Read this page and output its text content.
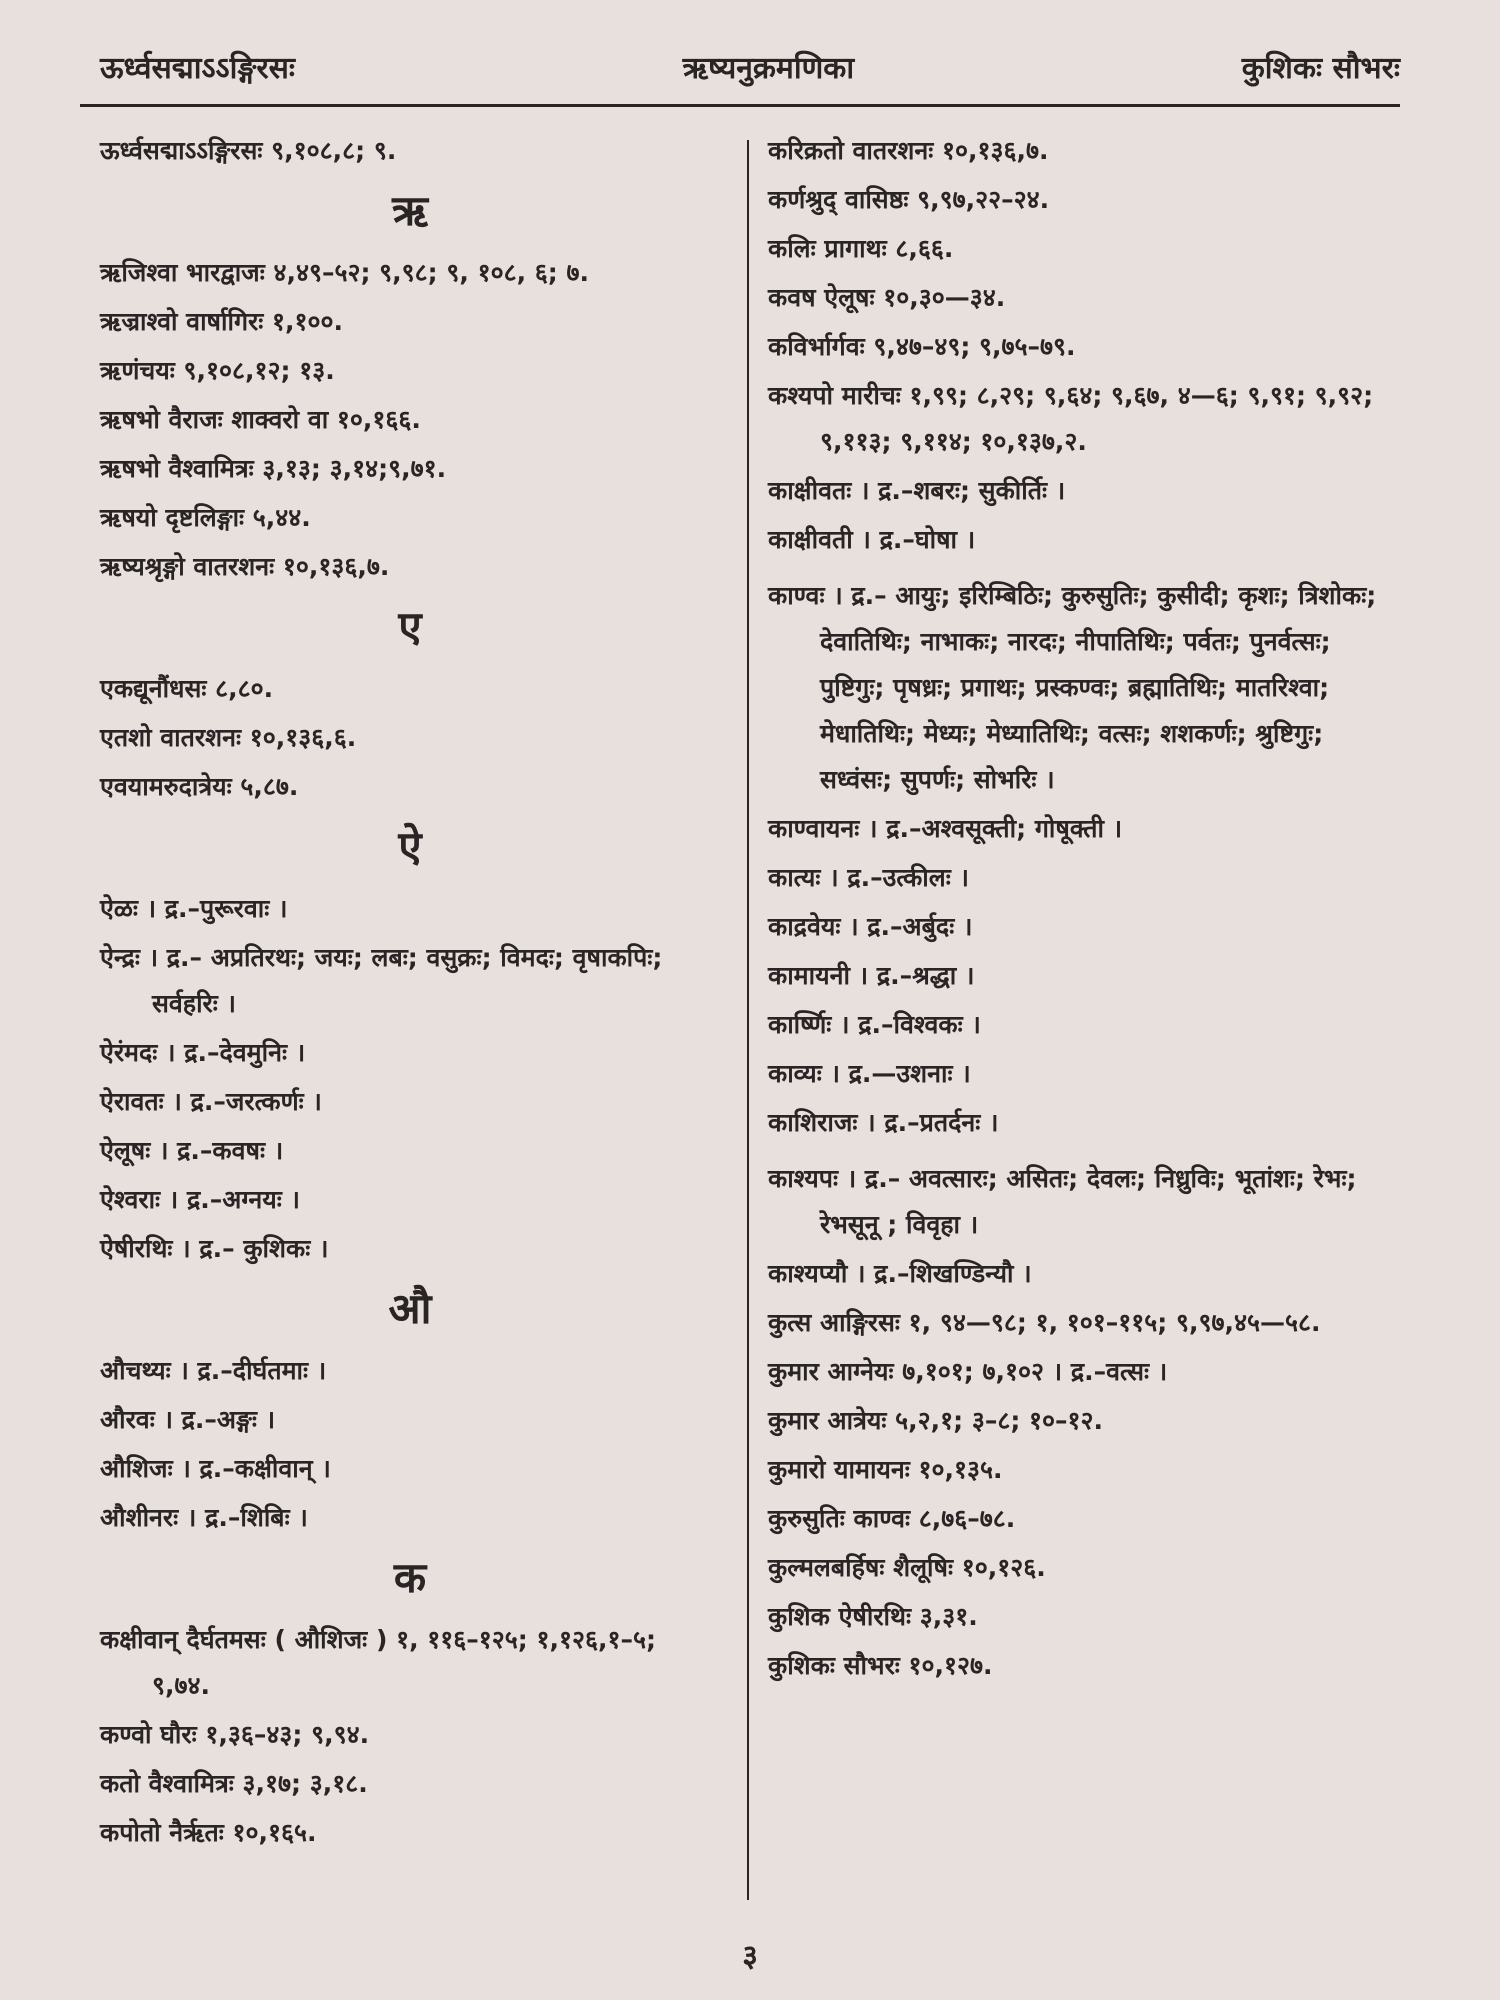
ऊर्ध्वसद्माऽऽङ्गिरसः	ऋष्यनुक्रमणिका	कुशिकः सौभरः

ऊर्ध्वसद्माऽऽङ्गिरसः ९,१०८,८; ९.

ऋ

ऋजिश्वा भारद्वाजः ४,४९–५२; ९,९८; ९, १०८, ६; ७.

ऋज्राश्वो वार्षागिरः १,१००.

ऋणंचयः ९,१०८,१२; १३.

ऋषभो वैराजः शाक्वरो वा १०,१६६.

ऋषभो वैश्वामित्रः ३,१३; ३,१४;९,७१.

ऋषयो दृष्टलिङ्गाः ५,४४.

ऋष्यश्रृङ्गो वातरशनः १०,१३६,७.

ए

एकद्यूनौंधसः ८,८०.

एतशो वातरशनः १०,१३६,६.

एवयामरुदात्रेयः ५,८७.

ऐ

ऐळः । द्र.–पुरूरवाः ।

ऐन्द्रः । द्र.– अप्रतिरथः; जयः; लबः; वसुक्रः; विमदः; वृषाकपिः; सर्वहरिः ।

ऐरंमदः । द्र.–देवमुनिः ।

ऐरावतः । द्र.–जरत्कर्णः ।

ऐलूषः । द्र.–कवषः ।

ऐश्वराः । द्र.–अग्नयः ।

ऐषीरथिः । द्र.– कुशिकः ।

औ

औचथ्यः । द्र.–दीर्घतमाः ।

औरवः । द्र.–अङ्गः ।

औशिजः । द्र.–कक्षीवान् ।

औशीनरः । द्र.–शिबिः ।

क

कक्षीवान् दैर्घतमसः ( औशिजः ) १, ११६–१२५; १,१२६,१–५; ९,७४.

कण्वो घौरः १,३६–४३; ९,९४.

कतो वैश्वामित्रः ३,१७; ३,१८.

कपोतो नैर्ऋतः १०,१६५.

करिक्रतो वातरशनः १०,१३६,७.

कर्णश्रुद् वासिष्ठः ९,९७,२२–२४.

कलिः प्रागाथः ८,६६.

कवष ऐलूषः १०,३०—३४.

कविर्भार्गवः ९,४७–४९; ९,७५–७९.

कश्यपो मारीचः १,९९; ८,२९; ९,६४; ९,६७, ४—६; ९,९१; ९,९२; ९,११३; ९,११४; १०,१३७,२.

काक्षीवतः । द्र.–शबरः; सुकीर्तिः ।

काक्षीवती । द्र.–घोषा ।

काण्वः । द्र.– आयुः; इरिम्बिठिः; कुरुसुतिः; कुसीदी; कृशः; त्रिशोकः; देवातिथिः; नाभाकः; नारदः; नीपातिथिः; पर्वतः; पुनर्वत्सः; पुष्टिगुः; पृषध्रः; प्रगाथः; प्रस्कण्वः; ब्रह्मातिथिः; मातरिश्वा; मेधातिथिः; मेध्यः; मेध्यातिथिः; वत्सः; शशकर्णः; श्रुष्टिगुः; सध्वंसः; सुपर्णः; सोभरिः ।

काण्वायनः । द्र.–अश्वसूक्ती; गोषूक्ती ।

कात्यः । द्र.–उत्कीलः ।

काद्रवेयः । द्र.–अर्बुदः ।

कामायनी । द्र.–श्रद्धा ।

कार्ष्णिः । द्र.–विश्वकः ।

काव्यः । द्र.—उशनाः ।

काशिराजः । द्र.–प्रतर्दनः ।

काश्यपः । द्र.– अवत्सारः; असितः; देवलः; निध्रुविः; भूतांशः; रेभः; रेभसूनू ; विवृहा ।

काश्यप्यौ । द्र.–शिखण्डिन्यौ ।

कुत्स आङ्गिरसः १, ९४—९८; १, १०१–११५; ९,९७,४५—५८.

कुमार आग्नेयः ७,१०१; ७,१०२ । द्र.–वत्सः ।

कुमार आत्रेयः ५,२,१; ३–८; १०–१२.

कुमारो यामायनः १०,१३५.

कुरुसुतिः काण्वः ८,७६–७८.

कुल्मलबर्हिषः शैलूषिः १०,१२६.

कुशिक ऐषीरथिः ३,३१.

कुशिकः सौभरः १०,१२७.

३
